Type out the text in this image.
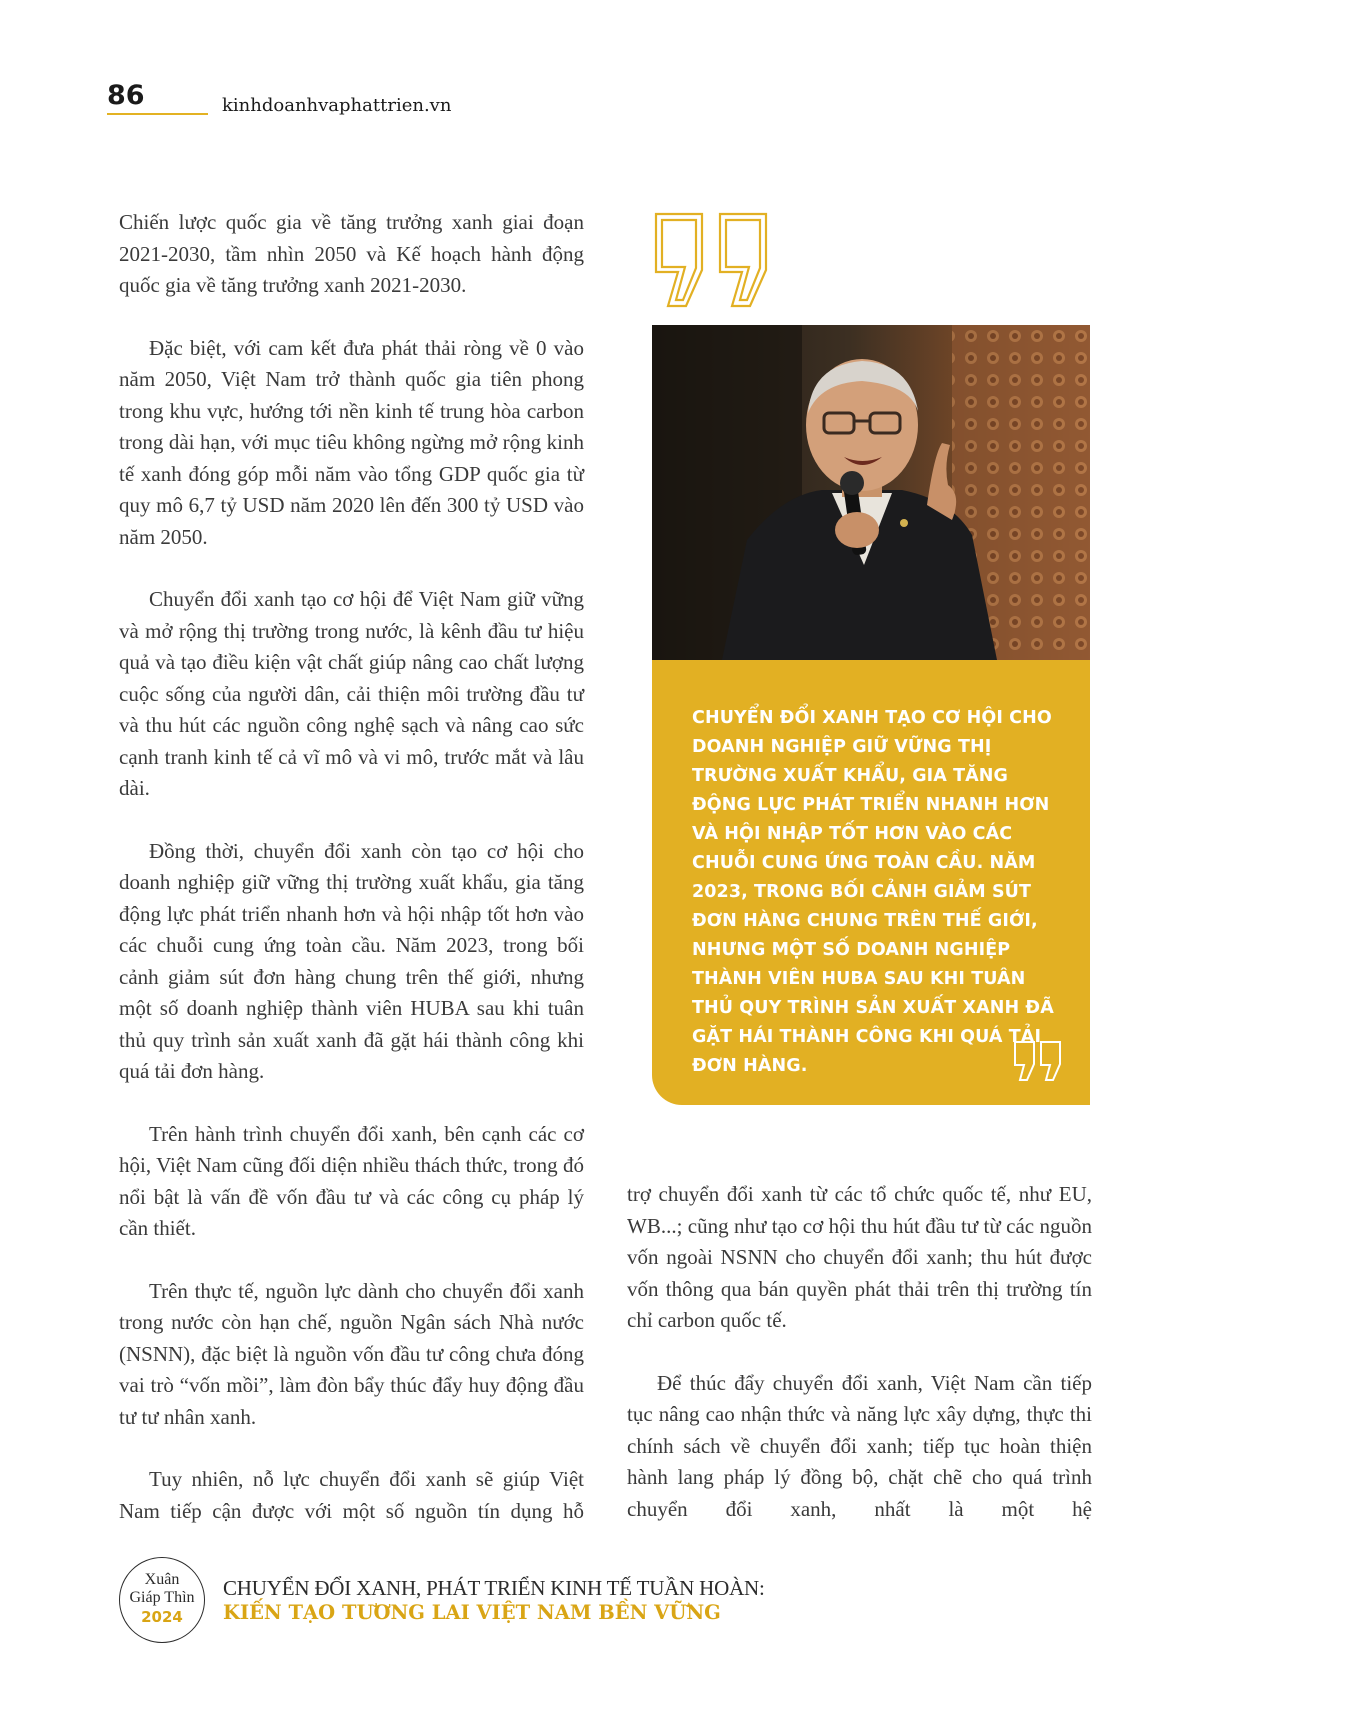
86	kinhdoanhvaphattrien.vn

Chiến lược quốc gia về tăng trưởng xanh giai đoạn 2021-2030, tầm nhìn 2050 và Kế hoạch hành động quốc gia về tăng trưởng xanh 2021-2030.

Đặc biệt, với cam kết đưa phát thải ròng về 0 vào năm 2050, Việt Nam trở thành quốc gia tiên phong trong khu vực, hướng tới nền kinh tế trung hòa carbon trong dài hạn, với mục tiêu không ngừng mở rộng kinh tế xanh đóng góp mỗi năm vào tổng GDP quốc gia từ quy mô 6,7 tỷ USD năm 2020 lên đến 300 tỷ USD vào năm 2050.

Chuyển đổi xanh tạo cơ hội để Việt Nam giữ vững và mở rộng thị trường trong nước, là kênh đầu tư hiệu quả và tạo điều kiện vật chất giúp nâng cao chất lượng cuộc sống của người dân, cải thiện môi trường đầu tư và thu hút các nguồn công nghệ sạch và nâng cao sức cạnh tranh kinh tế cả vĩ mô và vi mô, trước mắt và lâu dài.

Đồng thời, chuyển đổi xanh còn tạo cơ hội cho doanh nghiệp giữ vững thị trường xuất khẩu, gia tăng động lực phát triển nhanh hơn và hội nhập tốt hơn vào các chuỗi cung ứng toàn cầu. Năm 2023, trong bối cảnh giảm sút đơn hàng chung trên thế giới, nhưng một số doanh nghiệp thành viên HUBA sau khi tuân thủ quy trình sản xuất xanh đã gặt hái thành công khi quá tải đơn hàng.

Trên hành trình chuyển đổi xanh, bên cạnh các cơ hội, Việt Nam cũng đối diện nhiều thách thức, trong đó nổi bật là vấn đề vốn đầu tư và các công cụ pháp lý cần thiết.

Trên thực tế, nguồn lực dành cho chuyển đổi xanh trong nước còn hạn chế, nguồn Ngân sách Nhà nước (NSNN), đặc biệt là nguồn vốn đầu tư công chưa đóng vai trò “vốn mồi”, làm đòn bẩy thúc đẩy huy động đầu tư tư nhân xanh.

Tuy nhiên, nỗ lực chuyển đổi xanh sẽ giúp Việt Nam tiếp cận được với một số nguồn tín dụng hỗ

CHUYỂN ĐỔI XANH TẠO CƠ HỘI CHO DOANH NGHIỆP GIỮ VỮNG THỊ TRƯỜNG XUẤT KHẨU, GIA TĂNG ĐỘNG LỰC PHÁT TRIỂN NHANH HƠN VÀ HỘI NHẬP TỐT HƠN VÀO CÁC CHUỖI CUNG ỨNG TOÀN CẦU. NĂM 2023, TRONG BỐI CẢNH GIẢM SÚT ĐƠN HÀNG CHUNG TRÊN THẾ GIỚI, NHƯNG MỘT SỐ DOANH NGHIỆP THÀNH VIÊN HUBA SAU KHI TUÂN THỦ QUY TRÌNH SẢN XUẤT XANH ĐÃ GẶT HÁI THÀNH CÔNG KHI QUÁ TẢI ĐƠN HÀNG.

trợ chuyển đổi xanh từ các tổ chức quốc tế, như EU, WB...; cũng như tạo cơ hội thu hút đầu tư từ các nguồn vốn ngoài NSNN cho chuyển đổi xanh; thu hút được vốn thông qua bán quyền phát thải trên thị trường tín chỉ carbon quốc tế.

Để thúc đẩy chuyển đổi xanh, Việt Nam cần tiếp tục nâng cao nhận thức và năng lực xây dựng, thực thi chính sách về chuyển đổi xanh; tiếp tục hoàn thiện hành lang pháp lý đồng bộ, chặt chẽ cho quá trình chuyển đổi xanh, nhất là một hệ

Xuân
Giáp Thìn
2024
CHUYỂN ĐỔI XANH, PHÁT TRIỂN KINH TẾ TUẦN HOÀN:
KIẾN TẠO TƯƠNG LAI VIỆT NAM BỀN VỮNG
